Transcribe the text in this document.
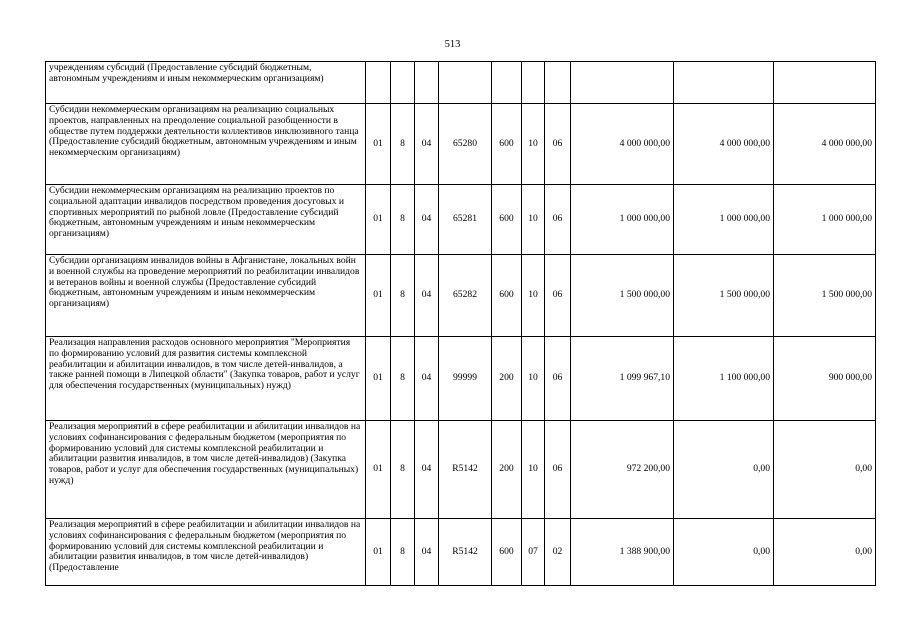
513
учреждениям субсидий (Предоставление субсидий бюджетным, автономным учреждениям и иным некоммерческим организациям)										
Субсидии некоммерческим организациям на реализацию социальных проектов, направленных на преодоление социальной разобщенности в обществе путем поддержки деятельности коллективов инклюзивного танца (Предоставление субсидий бюджетным, автономным учреждениям и иным некоммерческим организациям)	01	8	04	65280	600	10	06	4 000 000,00	4 000 000,00	4 000 000,00
Субсидии некоммерческим организациям на реализацию проектов по социальной адаптации инвалидов посредством проведения досуговых и спортивных мероприятий по рыбной ловле (Предоставление субсидий бюджетным, автономным учреждениям и иным некоммерческим организациям)	01	8	04	65281	600	10	06	1 000 000,00	1 000 000,00	1 000 000,00
Субсидии организациям инвалидов войны в Афганистане, локальных войн и военной службы на проведение мероприятий по реабилитации инвалидов и ветеранов войны и военной службы (Предоставление субсидий бюджетным, автономным учреждениям и иным некоммерческим организациям)	01	8	04	65282	600	10	06	1 500 000,00	1 500 000,00	1 500 000,00
Реализация направления расходов основного мероприятия "Мероприятия по формированию условий для развития системы комплексной реабилитации и абилитации инвалидов, в том числе детей-инвалидов, а также ранней помощи в Липецкой области" (Закупка товаров, работ и услуг для обеспечения государственных (муниципальных) нужд)	01	8	04	99999	200	10	06	1 099 967,10	1 100 000,00	900 000,00
Реализация мероприятий в сфере реабилитации и абилитации инвалидов на условиях софинансирования с федеральным бюджетом (мероприятия по формированию условий для системы комплексной реабилитации и абилитации развития инвалидов, в том числе детей-инвалидов) (Закупка товаров, работ и услуг для обеспечения государственных (муниципальных) нужд)	01	8	04	R5142	200	10	06	972 200,00	0,00	0,00
Реализация мероприятий в сфере реабилитации и абилитации инвалидов на условиях софинансирования с федеральным бюджетом (мероприятия по формированию условий для системы комплексной реабилитации и абилитации развития инвалидов, в том числе детей-инвалидов) (Предоставление	01	8	04	R5142	600	07	02	1 388 900,00	0,00	0,00
